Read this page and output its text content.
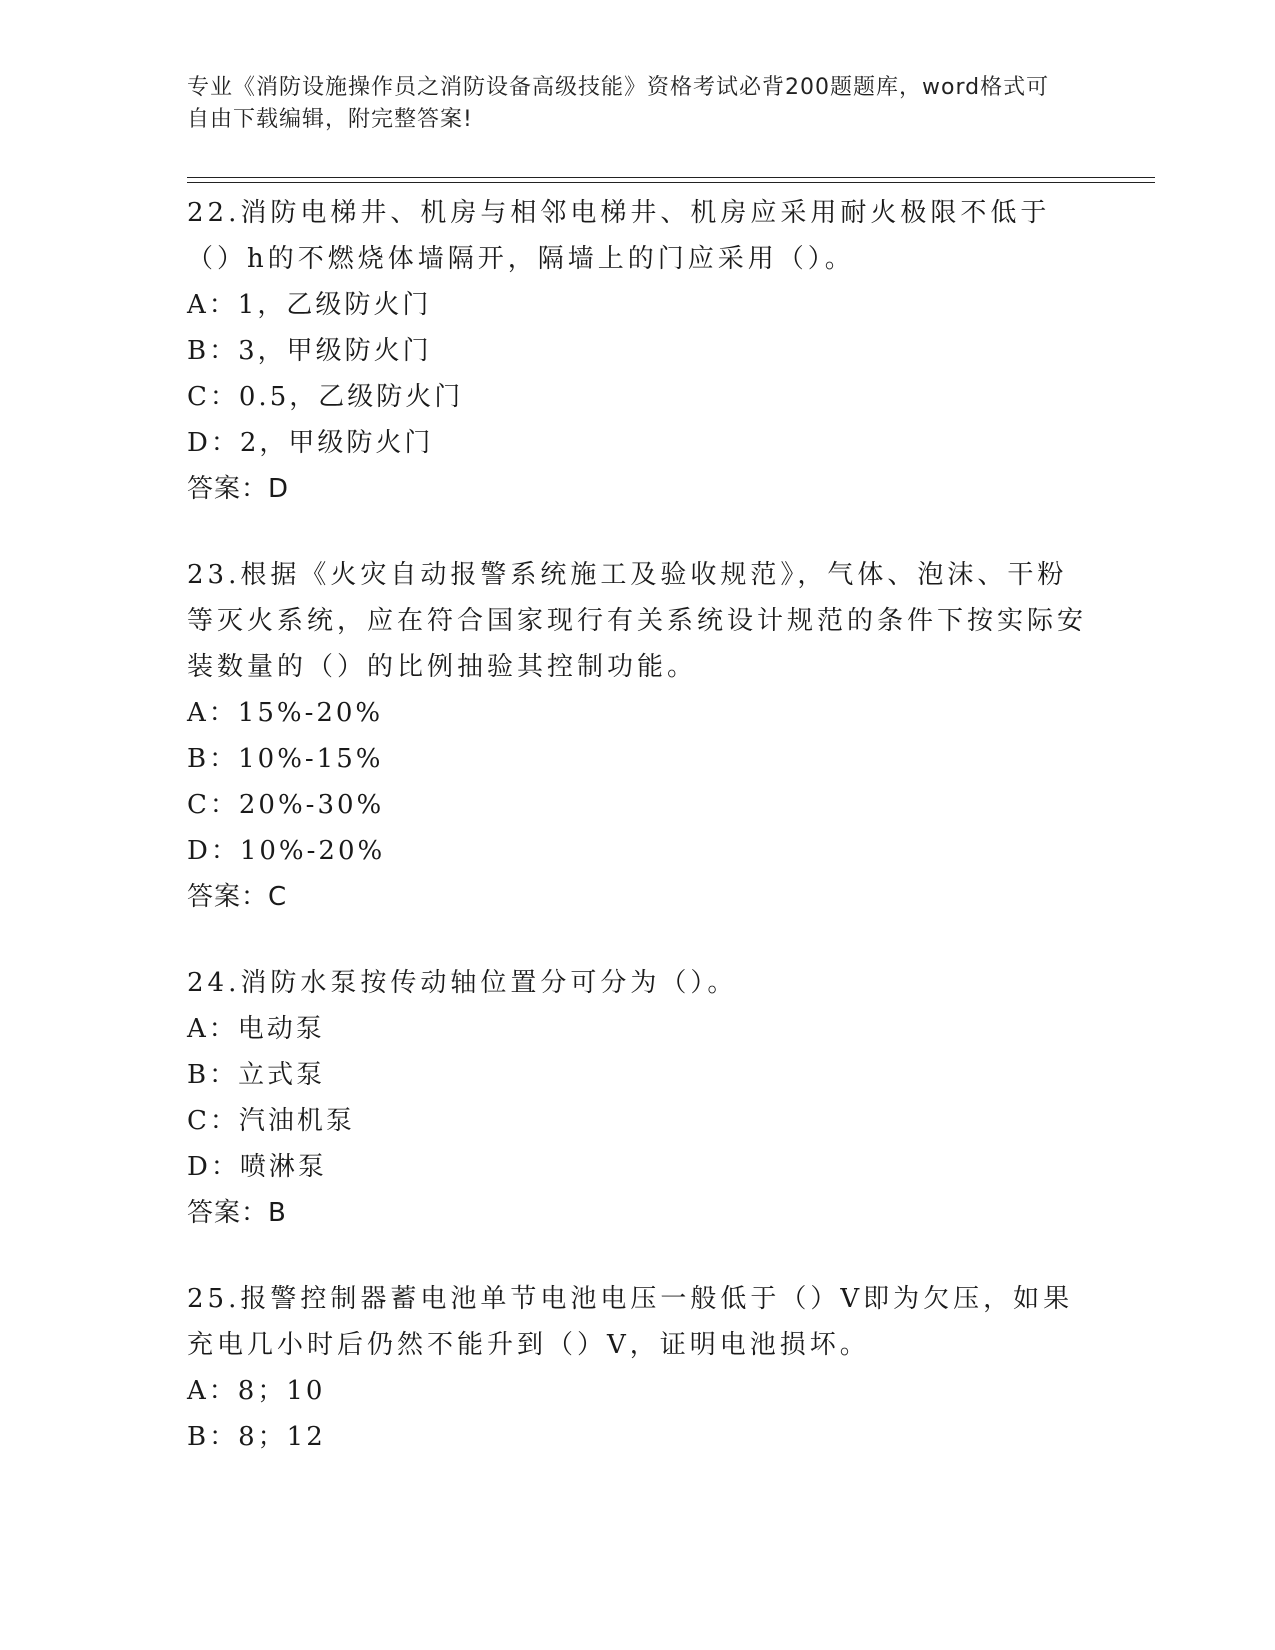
专业《消防设施操作员之消防设备高级技能》资格考试必背200题题库，word格式可自由下载编辑，附完整答案!

22.消防电梯井、机房与相邻电梯井、机房应采用耐火极限不低于（）h的不燃烧体墙隔开，隔墙上的门应采用（）。

A：1，乙级防火门

B：3，甲级防火门

C：0.5，乙级防火门

D：2，甲级防火门

答案：D

23.根据《火灾自动报警系统施工及验收规范》，气体、泡沫、干粉等灭火系统，应在符合国家现行有关系统设计规范的条件下按实际安装数量的（）的比例抽验其控制功能。

A：15%-20%

B：10%-15%

C：20%-30%

D：10%-20%

答案：C

24.消防水泵按传动轴位置分可分为（）。

A：电动泵

B：立式泵

C：汽油机泵

D：喷淋泵

答案：B

25.报警控制器蓄电池单节电池电压一般低于（）V即为欠压，如果充电几小时后仍然不能升到（）V，证明电池损坏。

A：8；10

B：8；12
